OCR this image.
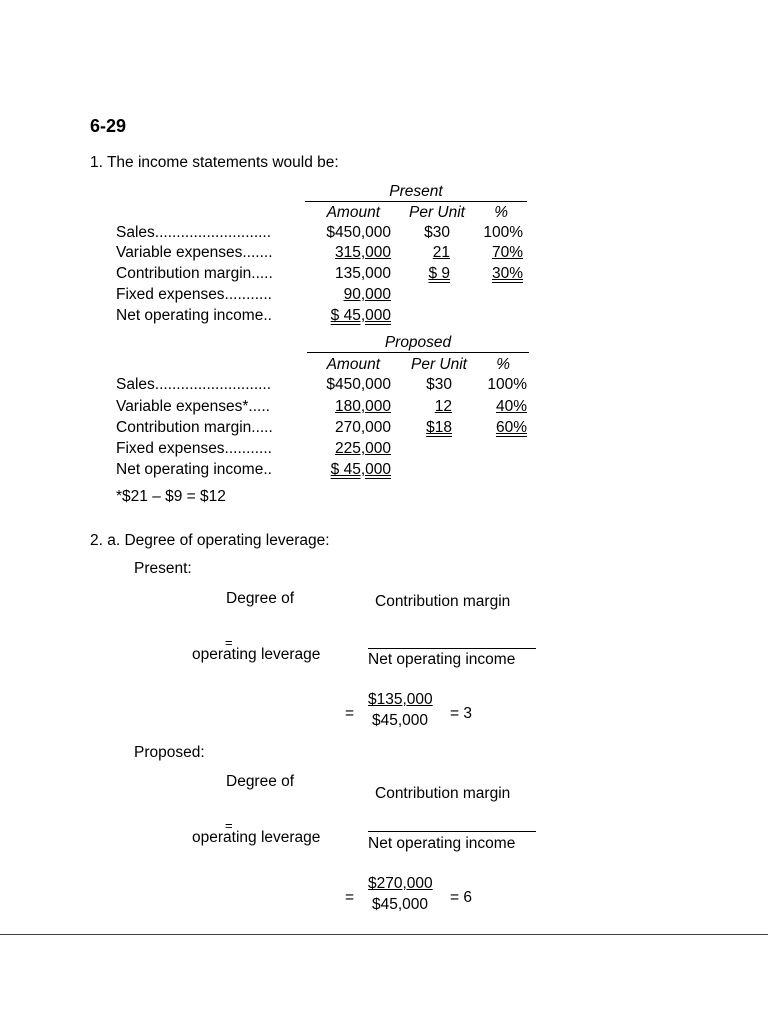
6-29
1. The income statements would be:
Present
Amount	Per Unit	%
Sales...........................	$450,000	$30	100%
Variable expenses.......	315,000	21	70%
Contribution margin.....	135,000	$ 9	30%
Fixed expenses...........	90,000
Net operating income..	$ 45,000
Proposed
Amount	Per Unit	%
Sales...........................	$450,000	$30	100%
Variable expenses*.....	180,000	12	40%
Contribution margin.....	270,000	$18	60%
Fixed expenses...........	225,000
Net operating income..	$ 45,000
*$21 – $9 = $12
2. a. Degree of operating leverage:
Present:
Degree of
=
operating leverage
Contribution margin
Net operating income
=
$135,000
$45,000 = 3
Proposed:
Degree of
=
operating leverage
Contribution margin
Net operating income
=
$270,000
$45,000 = 6
